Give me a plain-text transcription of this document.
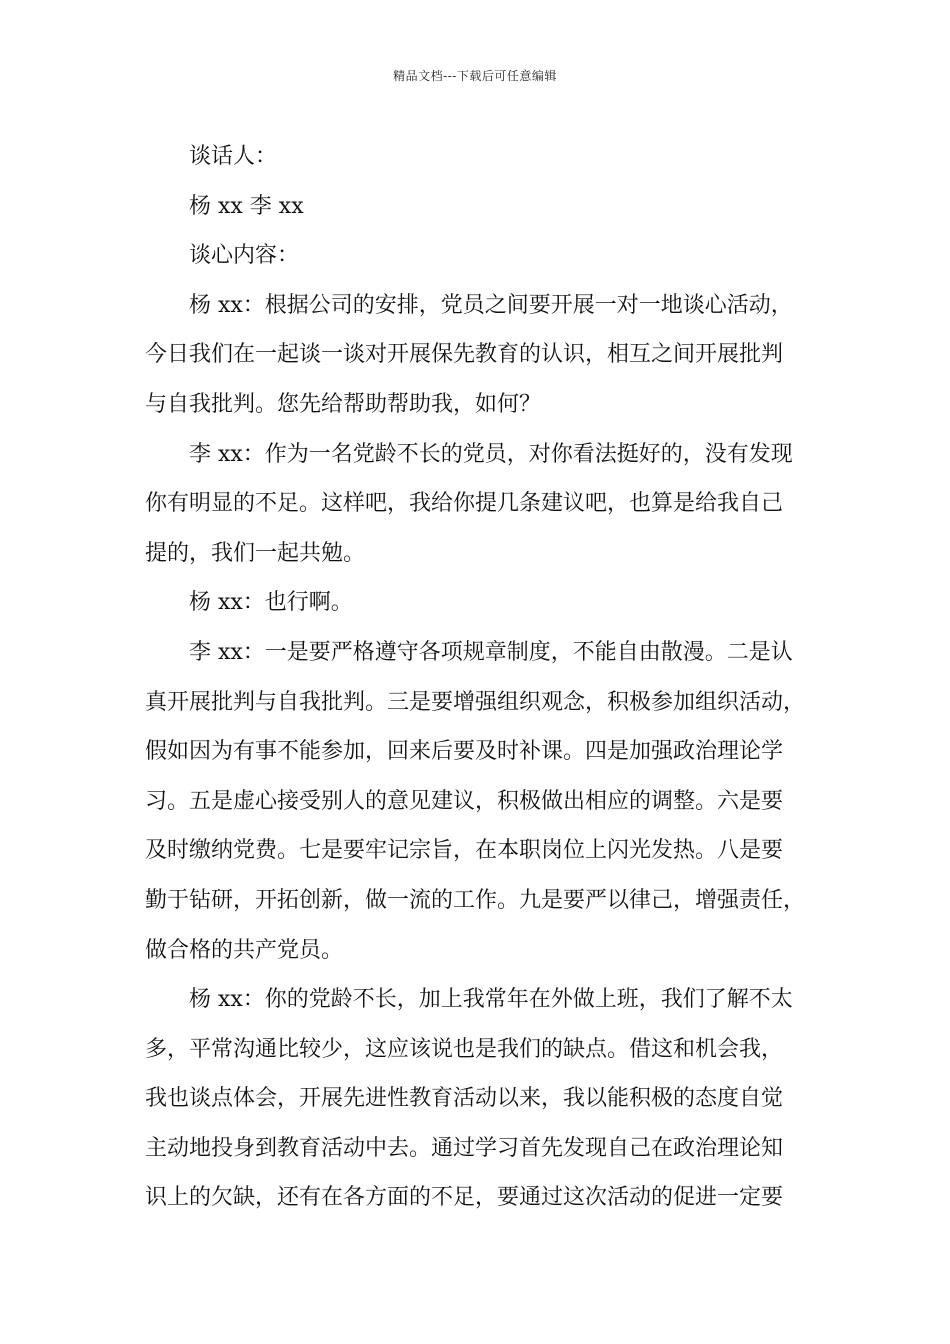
精品文档---下载后可任意编辑
谈话人：
杨 xx 李 xx
谈心内容：
杨 xx：根据公司的安排，党员之间要开展一对一地谈心活动，
今日我们在一起谈一谈对开展保先教育的认识，相互之间开展批判
与自我批判。您先给帮助帮助我，如何？
李 xx：作为一名党龄不长的党员，对你看法挺好的，没有发现
你有明显的不足。这样吧，我给你提几条建议吧，也算是给我自己
提的，我们一起共勉。
杨 xx：也行啊。
李 xx：一是要严格遵守各项规章制度，不能自由散漫。二是认
真开展批判与自我批判。三是要增强组织观念，积极参加组织活动，
假如因为有事不能参加，回来后要及时补课。四是加强政治理论学
习。五是虚心接受别人的意见建议，积极做出相应的调整。六是要
及时缴纳党费。七是要牢记宗旨，在本职岗位上闪光发热。八是要
勤于钻研，开拓创新，做一流的工作。九是要严以律己，增强责任，
做合格的共产党员。
杨 xx：你的党龄不长，加上我常年在外做上班，我们了解不太
多，平常沟通比较少，这应该说也是我们的缺点。借这和机会我，
我也谈点体会，开展先进性教育活动以来，我以能积极的态度自觉
主动地投身到教育活动中去。通过学习首先发现自己在政治理论知
识上的欠缺，还有在各方面的不足，要通过这次活动的促进一定要
